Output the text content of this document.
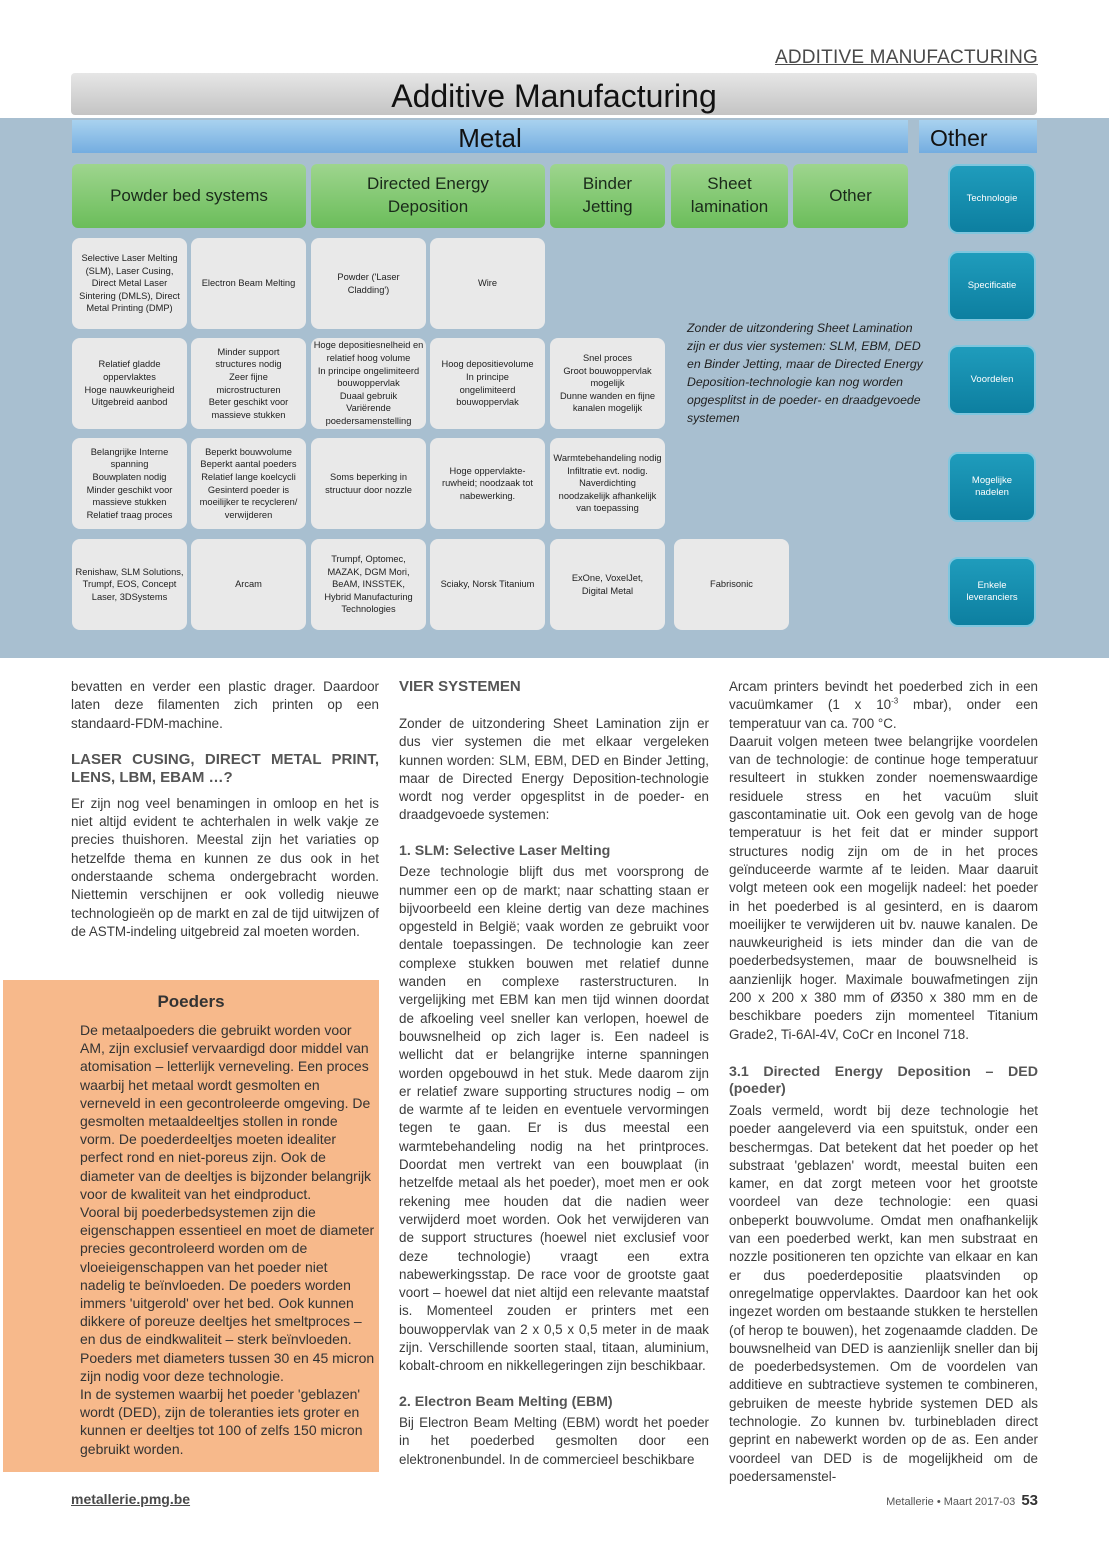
ADDITIVE MANUFACTURING
Additive Manufacturing
Metal	Other
Powder bed systems
Directed Energy Deposition
Binder Jetting
Sheet lamination
Other
Selective Laser Melting (SLM), Laser Cusing, Direct Metal Laser Sintering (DMLS), Direct Metal Printing (DMP)
Electron Beam Melting
Powder ('Laser Cladding')
Wire
Relatief gladde oppervlaktes
Hoge nauwkeurigheid
Uitgebreid aanbod
Minder support structures nodig
Zeer fijne microstructuren
Beter geschikt voor massieve stukken
Hoge depositiesnelheid en relatief hoog volume
In principe ongelimiteerd bouwoppervlak
Duaal gebruik
Variërende poedersamenstelling
Hoog depositievolume
In principe ongelimiteerd bouwoppervlak
Snel proces
Groot bouwoppervlak mogelijk
Dunne wanden en fijne kanalen mogelijk
Belangrijke Interne spanning
Bouwplaten nodig
Minder geschikt voor massieve stukken
Relatief traag proces
Beperkt bouwvolume
Beperkt aantal poeders
Relatief lange koelcycli
Gesinterd poeder is moeilijker te recycleren/ verwijderen
Soms beperking in structuur door nozzle
Hoge oppervlakte-ruwheid; noodzaak tot nabewerking.
Warmtebehandeling nodig
Infiltratie evt. nodig.
Naverdichting noodzakelijk afhankelijk van toepassing
Renishaw, SLM Solutions, Trumpf, EOS, Concept Laser, 3DSystems
Arcam
Trumpf, Optomec, MAZAK, DGM Mori, BeAM, INSSTEK, Hybrid Manufacturing Technologies
Sciaky, Norsk Titanium
ExOne, VoxelJet, Digital Metal
Fabrisonic
Zonder de uitzondering Sheet Lamination zijn er dus vier systemen: SLM, EBM, DED en Binder Jetting, maar de Directed Energy Deposition-technologie kan nog worden opgesplitst in de poeder- en draadgevoede systemen
Technologie
Specificatie
Voordelen
Mogelijke nadelen
Enkele leveranciers

bevatten en verder een plastic drager. Daardoor laten deze filamenten zich printen op een standaard-FDM-machine.

LASER CUSING, DIRECT METAL PRINT, LENS, LBM, EBAM …?

Er zijn nog veel benamingen in omloop en het is niet altijd evident te achterhalen in welk vakje ze precies thuishoren. Meestal zijn het variaties op hetzelfde thema en kunnen ze dus ook in het onderstaande schema ondergebracht worden. Niettemin verschijnen er ook volledig nieuwe technologieën op de markt en zal de tijd uitwijzen of de ASTM-indeling uitgebreid zal moeten worden.

Poeders

De metaalpoeders die gebruikt worden voor AM, zijn exclusief vervaardigd door middel van atomisation – letterlijk verneveling. Een proces waarbij het metaal wordt gesmolten en verneveld in een gecontroleerde omgeving. De gesmolten metaaldeeltjes stollen in ronde vorm. De poederdeeltjes moeten idealiter perfect rond en niet-poreus zijn. Ook de diameter van de deeltjes is bijzonder belangrijk voor de kwaliteit van het eindproduct.

Vooral bij poederbedsystemen zijn die eigenschappen essentieel en moet de diameter precies gecontroleerd worden om de vloeieigenschappen van het poeder niet nadelig te beïnvloeden. De poeders worden immers 'uitgerold' over het bed. Ook kunnen dikkere of poreuze deeltjes het smeltproces – en dus de eindkwaliteit – sterk beïnvloeden. Poeders met diameters tussen 30 en 45 micron zijn nodig voor deze technologie.

In de systemen waarbij het poeder 'geblazen' wordt (DED), zijn de toleranties iets groter en kunnen er deeltjes tot 100 of zelfs 150 micron gebruikt worden.

VIER SYSTEMEN

Zonder de uitzondering Sheet Lamination zijn er dus vier systemen die met elkaar vergeleken kunnen worden: SLM, EBM, DED en Binder Jetting, maar de Directed Energy Deposition-technologie wordt nog verder opgesplitst in de poeder- en draadgevoede systemen:

1. SLM: Selective Laser Melting

Deze technologie blijft dus met voorsprong de nummer een op de markt; naar schatting staan er bijvoorbeeld een kleine dertig van deze machines opgesteld in België; vaak worden ze gebruikt voor dentale toepassingen. De technologie kan zeer complexe stukken bouwen met relatief dunne wanden en complexe rasterstructuren. In vergelijking met EBM kan men tijd winnen doordat de afkoeling veel sneller kan verlopen, hoewel de bouwsnelheid op zich lager is. Een nadeel is wellicht dat er belangrijke interne spanningen worden opgebouwd in het stuk. Mede daarom zijn er relatief zware supporting structures nodig – om de warmte af te leiden en eventuele vervormingen tegen te gaan. Er is dus meestal een warmtebehandeling nodig na het printproces. Doordat men vertrekt van een bouwplaat (in hetzelfde metaal als het poeder), moet men er ook rekening mee houden dat die nadien weer verwijderd moet worden. Ook het verwijderen van de support structures (hoewel niet exclusief voor deze technologie) vraagt een extra nabewerkingsstap. De race voor de grootste gaat voort – hoewel dat niet altijd een relevante maatstaf is. Momenteel zouden er printers met een bouwoppervlak van 2 x 0,5 x 0,5 meter in de maak zijn. Verschillende soorten staal, titaan, aluminium, kobalt-chroom en nikkellegeringen zijn beschikbaar.

2. Electron Beam Melting (EBM)

Bij Electron Beam Melting (EBM) wordt het poeder in het poederbed gesmolten door een elektronenbundel. In de commercieel beschikbare

Arcam printers bevindt het poederbed zich in een vacuümkamer (1 x $10^{-3}$ mbar), onder een temperatuur van ca. 700 °C.

Daaruit volgen meteen twee belangrijke voordelen van de technologie: de continue hoge temperatuur resulteert in stukken zonder noemenswaardige residuele stress en het vacuüm sluit gascontaminatie uit. Ook een gevolg van de hoge temperatuur is het feit dat er minder support structures nodig zijn om de in het proces geïnduceerde warmte af te leiden. Maar daaruit volgt meteen ook een mogelijk nadeel: het poeder in het poederbed is al gesinterd, en is daarom moeilijker te verwijderen uit bv. nauwe kanalen. De nauwkeurigheid is iets minder dan die van de poederbedsystemen, maar de bouwsnelheid is aanzienlijk hoger. Maximale bouwafmetingen zijn 200 x 200 x 380 mm of Ø350 x 380 mm en de beschikbare poeders zijn momenteel Titanium Grade2, Ti-6Al-4V, CoCr en Inconel 718.

3.1 Directed Energy Deposition – DED (poeder)

Zoals vermeld, wordt bij deze technologie het poeder aangeleverd via een spuitstuk, onder een beschermgas. Dat betekent dat het poeder op het substraat 'geblazen' wordt, meestal buiten een kamer, en dat zorgt meteen voor het grootste voordeel van deze technologie: een quasi onbeperkt bouwvolume. Omdat men onafhankelijk van een poederbed werkt, kan men substraat en nozzle positioneren ten opzichte van elkaar en kan er dus poederdepositie plaatsvinden op onregelmatige oppervlaktes. Daardoor kan het ook ingezet worden om bestaande stukken te herstellen (of herop te bouwen), het zogenaamde cladden. De bouwsnelheid van DED is aanzienlijk sneller dan bij de poederbedsystemen. Om de voordelen van additieve en subtractieve systemen te combineren, gebruiken de meeste hybride systemen DED als technologie. Zo kunnen bv. turbinebladen direct geprint en nabewerkt worden op de as. Een ander voordeel van DED is de mogelijkheid om de poedersamenstel-

metallerie.pmg.be	Metallerie • Maart 2017-03 53
